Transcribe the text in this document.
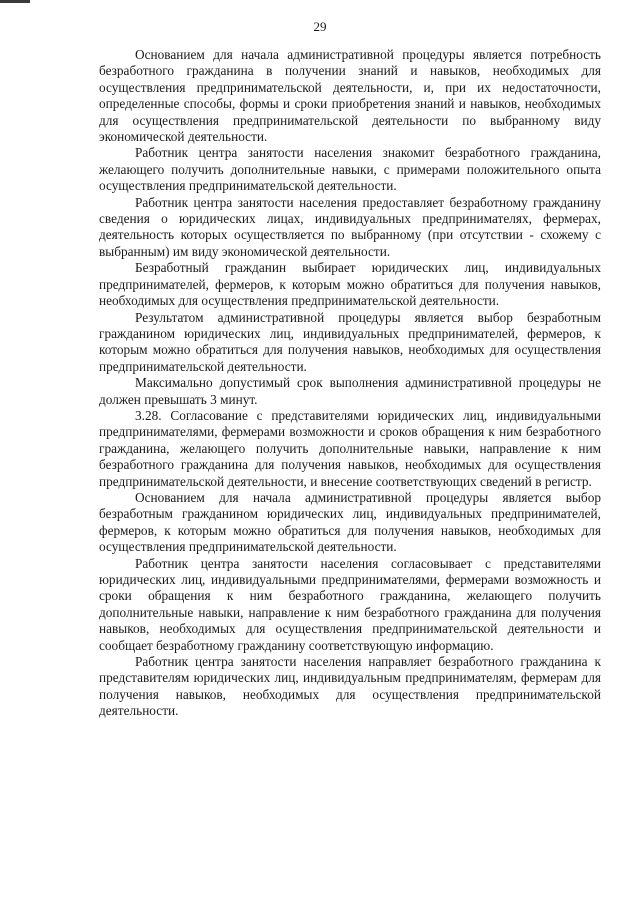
29

Основанием для начала административной процедуры является потребность безработного гражданина в получении знаний и навыков, необходимых для осуществления предпринимательской деятельности, и, при их недостаточности, определенные способы, формы и сроки приобретения знаний и навыков, необходимых для осуществления предпринимательской деятельности по выбранному виду экономической деятельности.

Работник центра занятости населения знакомит безработного гражданина, желающего получить дополнительные навыки, с примерами положительного опыта осуществления предпринимательской деятельности.

Работник центра занятости населения предоставляет безработному гражданину сведения о юридических лицах, индивидуальных предпринимателях, фермерах, деятельность которых осуществляется по выбранному (при отсутствии - схожему с выбранным) им виду экономической деятельности.

Безработный гражданин выбирает юридических лиц, индивидуальных предпринимателей, фермеров, к которым можно обратиться для получения навыков, необходимых для осуществления предпринимательской деятельности.

Результатом административной процедуры является выбор безработным гражданином юридических лиц, индивидуальных предпринимателей, фермеров, к которым можно обратиться для получения навыков, необходимых для осуществления предпринимательской деятельности.

Максимально допустимый срок выполнения административной процедуры не должен превышать 3 минут.

3.28. Согласование с представителями юридических лиц, индивидуальными предпринимателями, фермерами возможности и сроков обращения к ним безработного гражданина, желающего получить дополнительные навыки, направление к ним безработного гражданина для получения навыков, необходимых для осуществления предпринимательской деятельности, и внесение соответствующих сведений в регистр.

Основанием для начала административной процедуры является выбор безработным гражданином юридических лиц, индивидуальных предпринимателей, фермеров, к которым можно обратиться для получения навыков, необходимых для осуществления предпринимательской деятельности.

Работник центра занятости населения согласовывает с представителями юридических лиц, индивидуальными предпринимателями, фермерами возможность и сроки обращения к ним безработного гражданина, желающего получить дополнительные навыки, направление к ним безработного гражданина для получения навыков, необходимых для осуществления предпринимательской деятельности и сообщает безработному гражданину соответствующую информацию.

Работник центра занятости населения направляет безработного гражданина к представителям юридических лиц, индивидуальным предпринимателям, фермерам для получения навыков, необходимых для осуществления предпринимательской деятельности.
